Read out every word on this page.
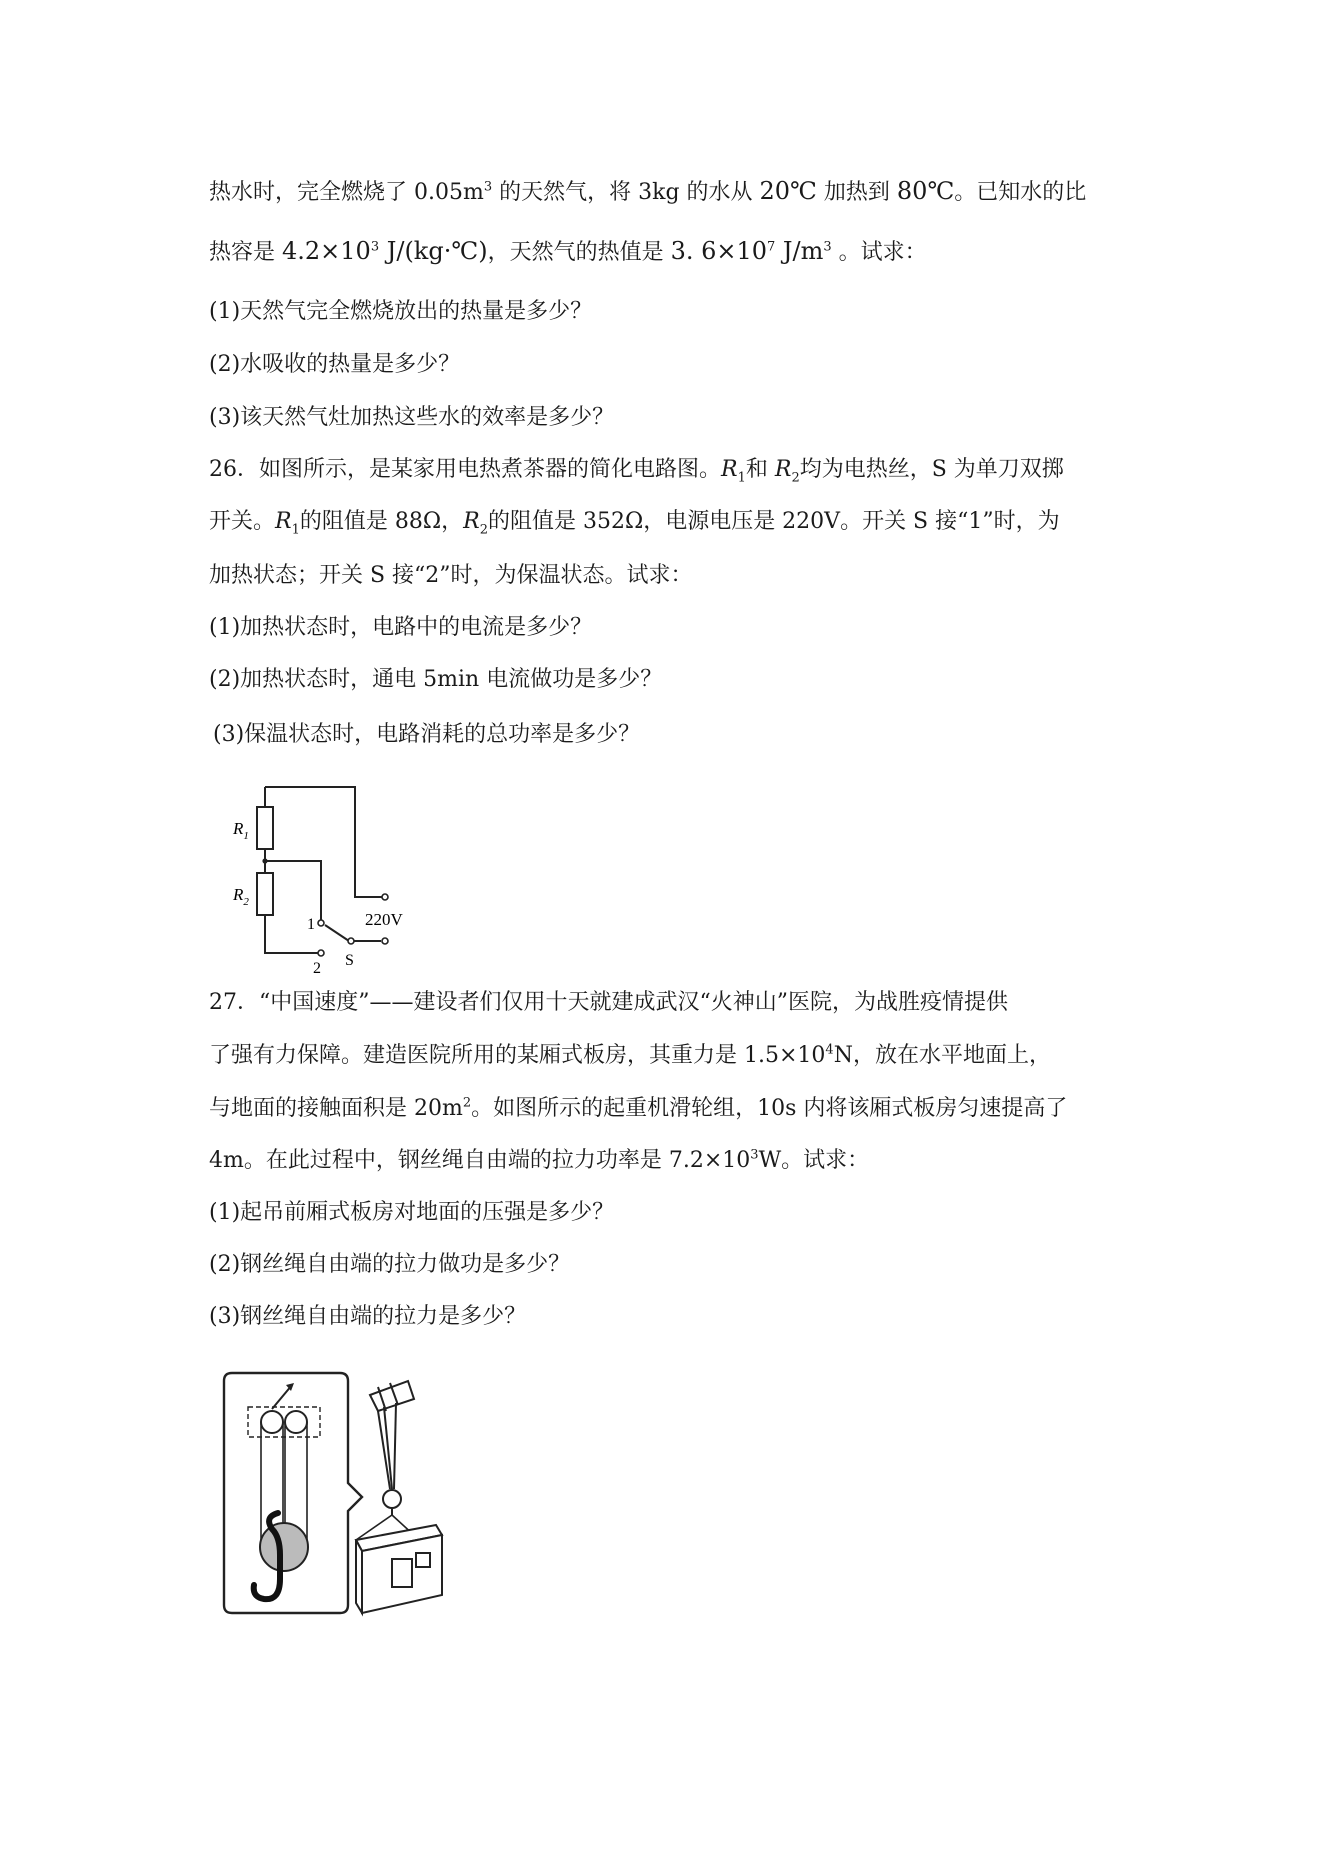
热水时，完全燃烧了 $0.05m^3$ 的天然气，将 3kg 的水从 20℃ 加热到 80℃。已知水的比
热容是 $4.2\times 10^3$ J/(kg·℃)，天然气的热值是 3. $6\times 10^7$ $J/m^3$ 。试求：
(1)天然气完全燃烧放出的热量是多少？
(2)水吸收的热量是多少？
(3)该天然气灶加热这些水的效率是多少？
26．如图所示，是某家用电热煮茶器的简化电路图。$R_1$和 $R_2$均为电热丝，S 为单刀双掷
开关。$R_1$的阻值是 88Ω，$R_2$的阻值是 352Ω，电源电压是 220V。开关 S 接“1”时，为
加热状态；开关 S 接“2”时，为保温状态。试求：
(1)加热状态时，电路中的电流是多少？
(2)加热状态时，通电 5min 电流做功是多少？
(3)保温状态时，电路消耗的总功率是多少？
$R_1$
$R_2$
1
2 S
220V
27．“中国速度”——建设者们仅用十天就建成武汉“火神山”医院，为战胜疫情提供
了强有力保障。建造医院所用的某厢式板房，其重力是 $1.5\times 10^4N$，放在水平地面上，
与地面的接触面积是 $20m^2$。如图所示的起重机滑轮组，10s 内将该厢式板房匀速提高了
4m。在此过程中，钢丝绳自由端的拉力功率是 $7.2\times 10^3W$。试求：
(1)起吊前厢式板房对地面的压强是多少？
(2)钢丝绳自由端的拉力做功是多少？
(3)钢丝绳自由端的拉力是多少？
